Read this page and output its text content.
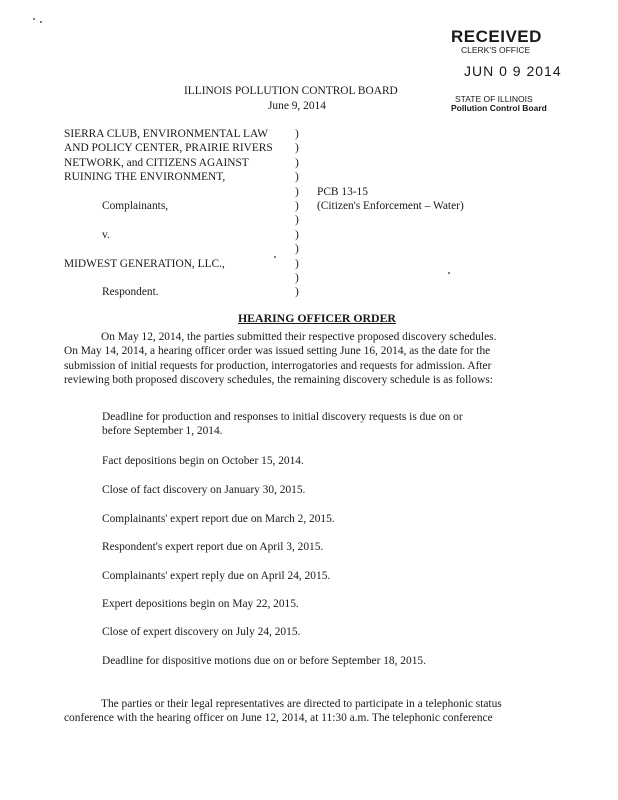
RECEIVED
CLERK'S OFFICE
JUN 0 9 2014
STATE OF ILLINOIS
Pollution Control Board
ILLINOIS POLLUTION CONTROL BOARD
June 9, 2014
SIERRA CLUB, ENVIRONMENTAL LAW
AND POLICY CENTER, PRAIRIE RIVERS
NETWORK, and CITIZENS AGAINST
RUINING THE ENVIRONMENT,
Complainants,
v.
MIDWEST GENERATION, LLC.,
Respondent.
PCB 13-15
(Citizen's Enforcement – Water)
)
)
)
)
)
)
)
)
)
)
)
)
HEARING OFFICER ORDER
On May 12, 2014, the parties submitted their respective proposed discovery schedules.
On May 14, 2014, a hearing officer order was issued setting June 16, 2014, as the date for the
submission of initial requests for production, interrogatories and requests for admission. After
reviewing both proposed discovery schedules, the remaining discovery schedule is as follows:
Deadline for production and responses to initial discovery requests is due on or
before September 1, 2014.
Fact depositions begin on October 15, 2014.
Close of fact discovery on January 30, 2015.
Complainants' expert report due on March 2, 2015.
Respondent's expert report due on April 3, 2015.
Complainants' expert reply due on April 24, 2015.
Expert depositions begin on May 22, 2015.
Close of expert discovery on July 24, 2015.
Deadline for dispositive motions due on or before September 18, 2015.
The parties or their legal representatives are directed to participate in a telephonic status
conference with the hearing officer on June 12, 2014, at 11:30 a.m. The telephonic conference
